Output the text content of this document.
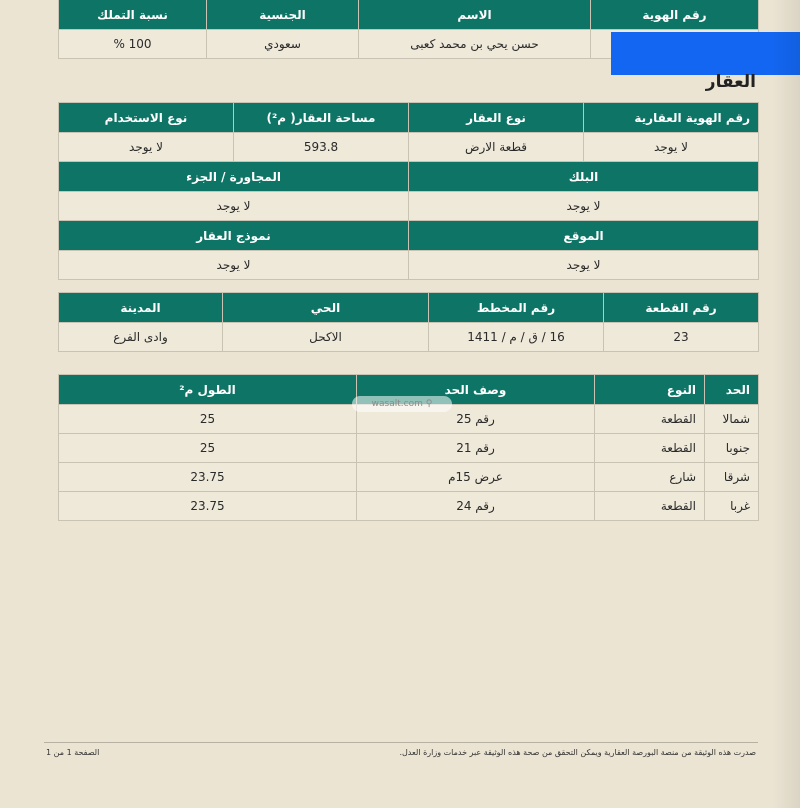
رقم الهوية	الاسم	الجنسية	نسبة التملك
	حسن يحي بن محمد كعبى	سعودي	100 %
العقار
رقم الهوية العقارية	نوع العقار	مساحة العقار( م²)	نوع الاستخدام
لا يوجد	قطعة الارض	593.8	لا يوجد
البلك		المجاورة / الجزء	
لا يوجد		لا يوجد	
الموقع		نموذج العقار	
لا يوجد		لا يوجد	
رقم القطعة	رقم المخطط	الحي	المدينة
23	16 / ق / م / 1411	الاكحل	وادى الفرع
الحد	النوع	وصف الحد	الطول م²
شمالا	القطعة	رقم 25	25
جنوبا	القطعة	رقم 21	25
شرقا	شارع	عرض 15م	23.75
غربا	القطعة	رقم 24	23.75
wasalt.com ⚲
صدرت هذه الوثيقة من منصة البورصة العقارية ويمكن التحقق من صحة هذه الوثيقة عبر خدمات وزارة العدل.
الصفحة 1 من 1
